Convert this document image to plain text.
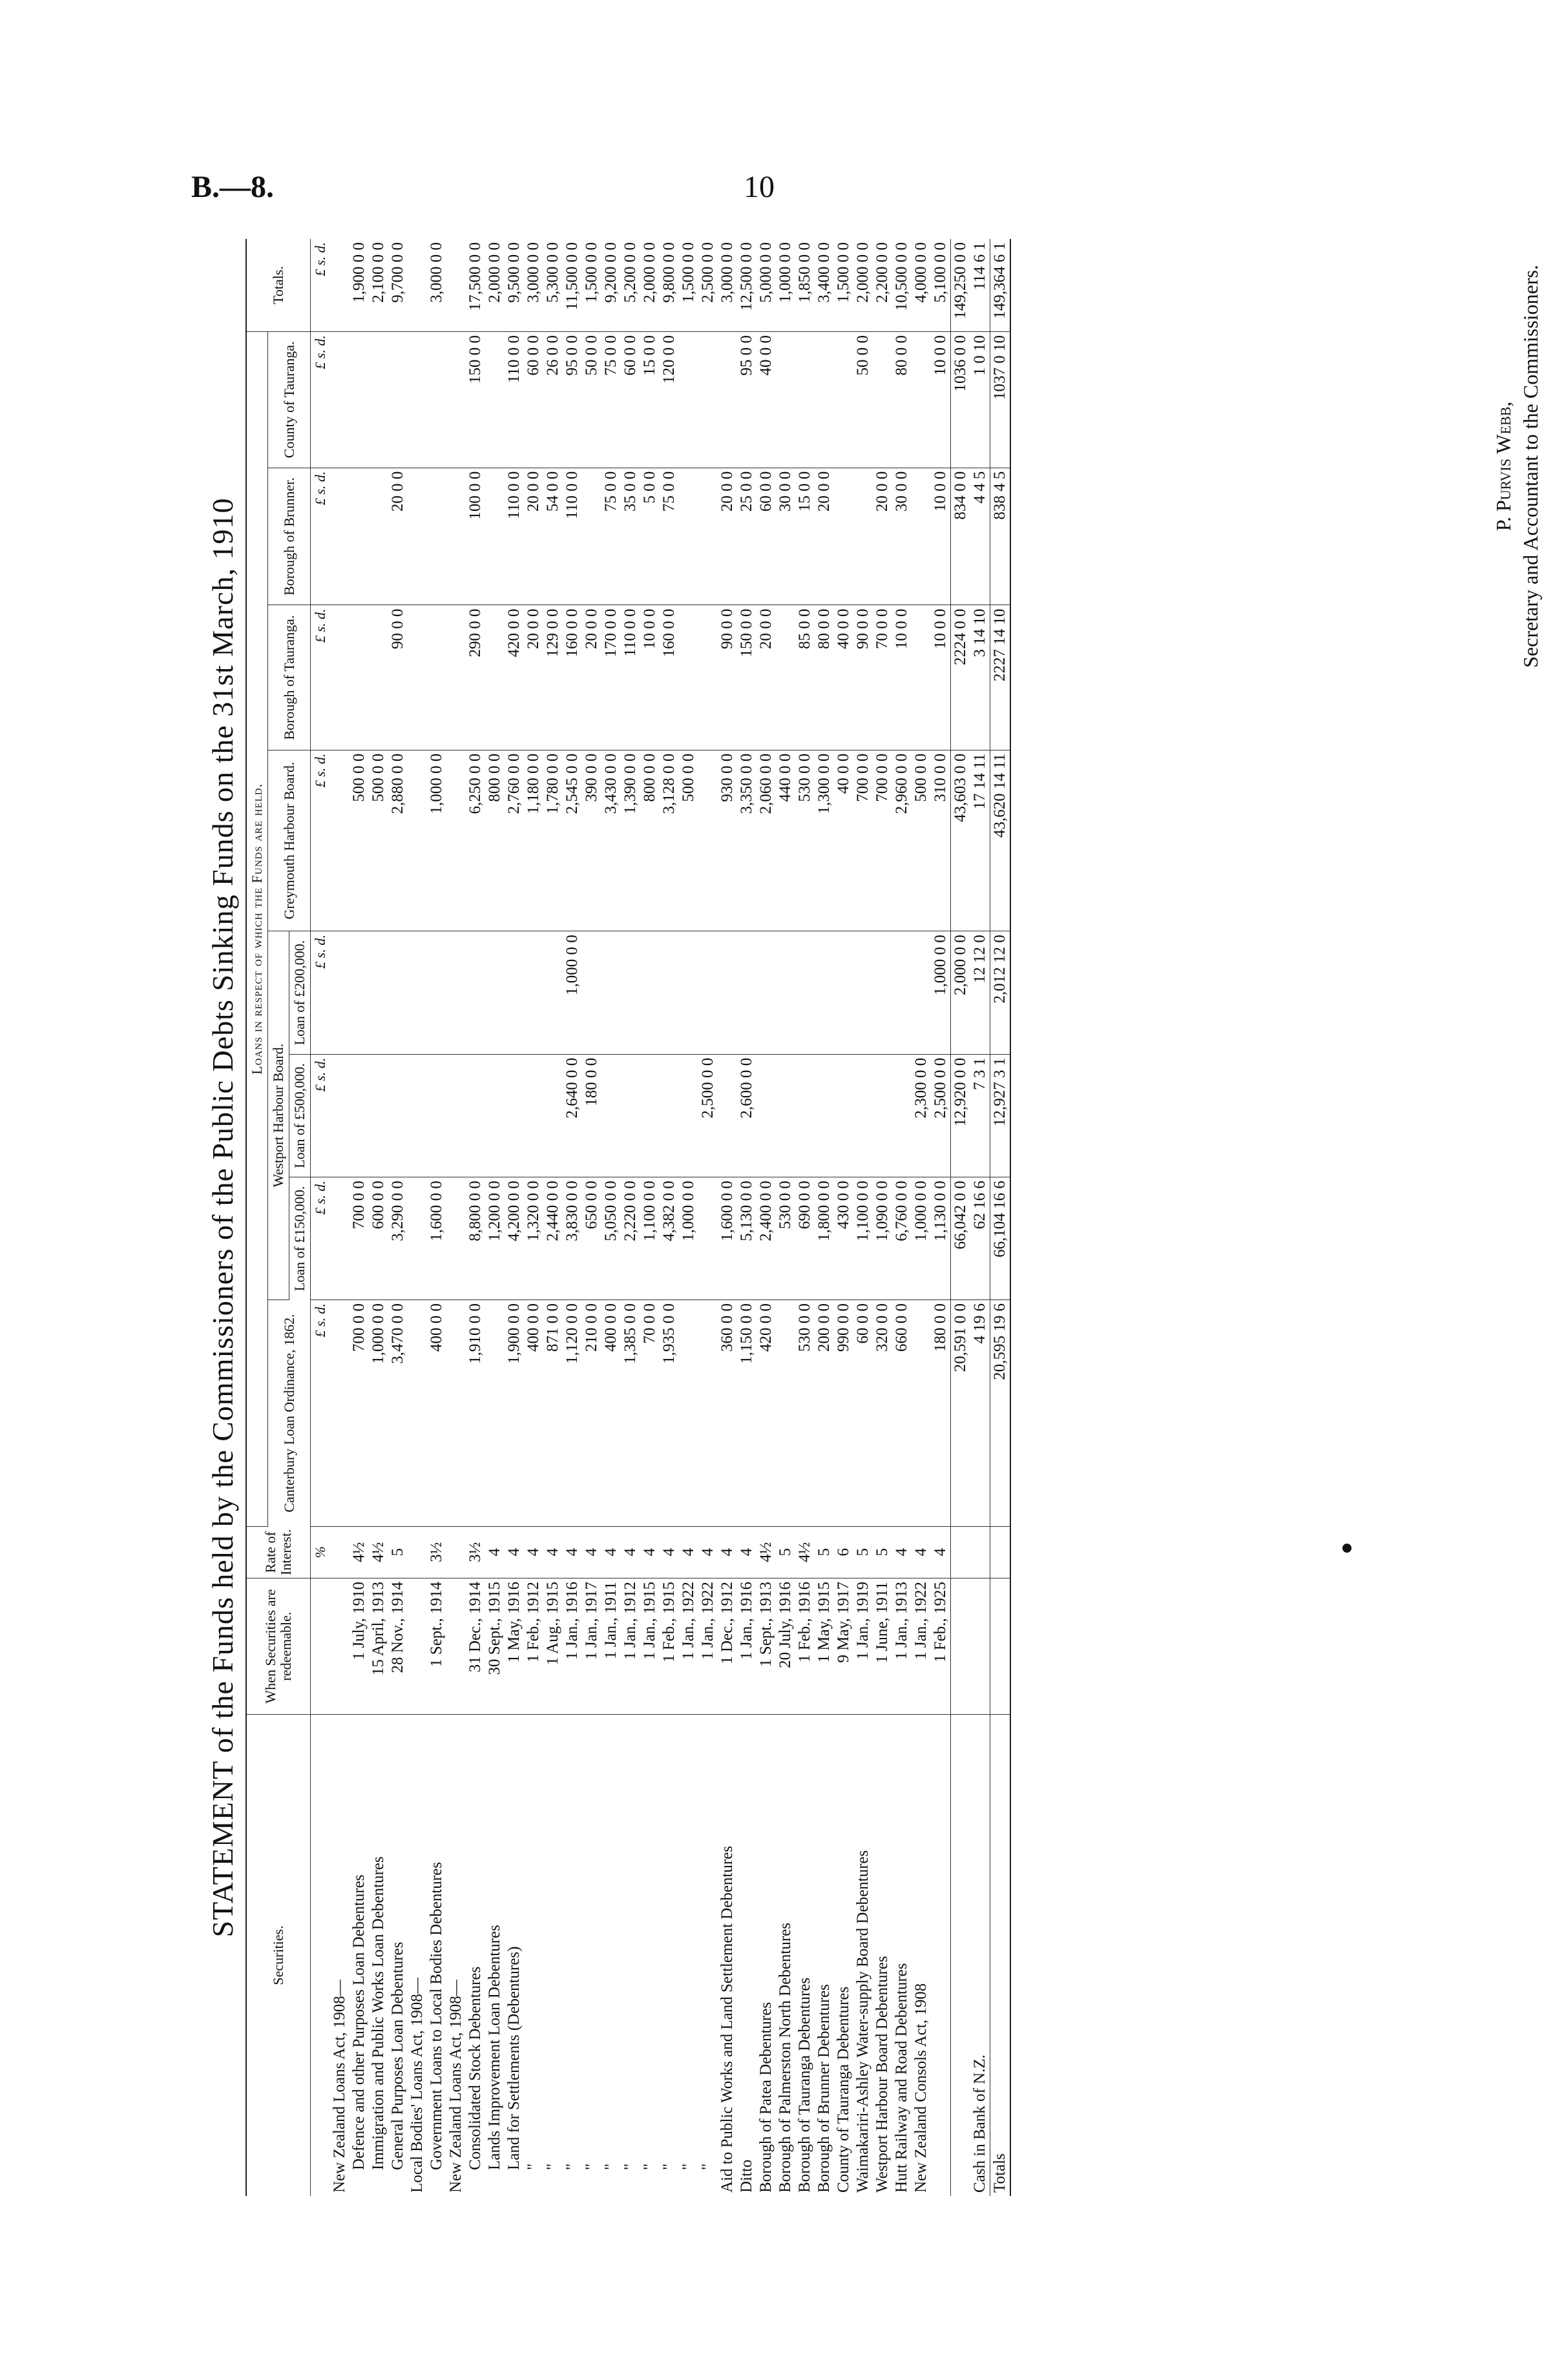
B.—8.	10
STATEMENT of the Funds held by the Commissioners of the Public Debts Sinking Funds on the 31st March, 1910
Securities.	When Securities are redeemable.	Rate of Interest.	Loans in respect of which the Funds are held.								Totals.
			Canterbury Loan Ordinance, 1862.	Westport Harbour Board.			Greymouth Harbour Board.	Borough of Tauranga.	Borough of Brunner.	County of Tauranga.	
				Loan of £150,000.	Loan of £500,000.	Loan of £200,000.					
		%	£ s. d.	£ s. d.	£ s. d.	£ s. d.	£ s. d.	£ s. d.	£ s. d.	£ s. d.	£ s. d.
New Zealand Loans Act, 1908—											
Defence and other Purposes Loan Debentures	1 July, 1910	4½	700 0 0	700 0 0			500 0 0				1,900 0 0
Immigration and Public Works Loan Debentures	15 April, 1913	4½	1,000 0 0	600 0 0			500 0 0				2,100 0 0
General Purposes Loan Debentures	28 Nov., 1914	5	3,470 0 0	3,290 0 0			2,880 0 0	90 0 0	20 0 0		9,700 0 0
Local Bodies' Loans Act, 1908—											
Government Loans to Local Bodies Debentures	1 Sept., 1914	3½	400 0 0	1,600 0 0			1,000 0 0				3,000 0 0
New Zealand Loans Act, 1908—											
Consolidated Stock Debentures	31 Dec., 1914	3½	1,910 0 0	8,800 0 0			6,250 0 0	290 0 0	100 0 0	150 0 0	17,500 0 0
Lands Improvement Loan Debentures	30 Sept., 1915	4		1,200 0 0			800 0 0				2,000 0 0
Land for Settlements (Debentures)	1 May, 1916	4	1,900 0 0	4,200 0 0			2,760 0 0	420 0 0	110 0 0	110 0 0	9,500 0 0
"	1 Feb., 1912	4	400 0 0	1,320 0 0			1,180 0 0	20 0 0	20 0 0	60 0 0	3,000 0 0
"	1 Aug., 1915	4	871 0 0	2,440 0 0			1,780 0 0	129 0 0	54 0 0	26 0 0	5,300 0 0
"	1 Jan., 1916	4	1,120 0 0	3,830 0 0	2,640 0 0	1,000 0 0	2,545 0 0	160 0 0	110 0 0	95 0 0	11,500 0 0
"	1 Jan., 1917	4	210 0 0	650 0 0	180 0 0		390 0 0	20 0 0		50 0 0	1,500 0 0
"	1 Jan., 1911	4	400 0 0	5,050 0 0			3,430 0 0	170 0 0	75 0 0	75 0 0	9,200 0 0
"	1 Jan., 1912	4	1,385 0 0	2,220 0 0			1,390 0 0	110 0 0	35 0 0	60 0 0	5,200 0 0
"	1 Jan., 1915	4	70 0 0	1,100 0 0			800 0 0	10 0 0	5 0 0	15 0 0	2,000 0 0
"	1 Feb., 1915	4	1,935 0 0	4,382 0 0			3,128 0 0	160 0 0	75 0 0	120 0 0	9,800 0 0
"	1 Jan., 1922	4		1,000 0 0			500 0 0				1,500 0 0
"	1 Jan., 1922	4			2,500 0 0						2,500 0 0
Aid to Public Works and Land Settlement Debentures	1 Dec., 1912	4	360 0 0	1,600 0 0			930 0 0	90 0 0	20 0 0		3,000 0 0
Ditto	1 Jan., 1916	4	1,150 0 0	5,130 0 0	2,600 0 0		3,350 0 0	150 0 0	25 0 0	95 0 0	12,500 0 0
Borough of Patea Debentures	1 Sept., 1913	4½	420 0 0	2,400 0 0			2,060 0 0	20 0 0	60 0 0	40 0 0	5,000 0 0
Borough of Palmerston North Debentures	20 July, 1916	5		530 0 0			440 0 0		30 0 0		1,000 0 0
Borough of Tauranga Debentures	1 Feb., 1916	4½	530 0 0	690 0 0			530 0 0	85 0 0	15 0 0		1,850 0 0
Borough of Brunner Debentures	1 May, 1915	5	200 0 0	1,800 0 0			1,300 0 0	80 0 0	20 0 0		3,400 0 0
County of Tauranga Debentures	9 May, 1917	6	990 0 0	430 0 0			40 0 0	40 0 0			1,500 0 0
Waimakariri-Ashley Water-supply Board Debentures	1 Jan., 1919	5	60 0 0	1,100 0 0			700 0 0	90 0 0		50 0 0	2,000 0 0
Westport Harbour Board Debentures	1 June, 1911	5	320 0 0	1,090 0 0			700 0 0	70 0 0	20 0 0		2,200 0 0
Hutt Railway and Road Debentures	1 Jan., 1913	4	660 0 0	6,760 0 0			2,960 0 0	10 0 0	30 0 0	80 0 0	10,500 0 0
New Zealand Consols Act, 1908	1 Jan., 1922	4		1,000 0 0	2,300 0 0		500 0 0				4,000 0 0
	1 Feb., 1925	4	180 0 0	1,130 0 0	2,500 0 0	1,000 0 0	310 0 0	10 0 0	10 0 0	10 0 0	5,100 0 0
			20,591 0 0	66,042 0 0	12,920 0 0	2,000 0 0	43,603 0 0	2224 0 0	834 0 0	1036 0 0	149,250 0 0
Cash in Bank of N.Z.			4 19 6	62 16 6	7 3 1	12 12 0	17 14 11	3 14 10	4 4 5	1 0 10	114 6 1
Totals			20,595 19 6	66,104 16 6	12,927 3 1	2,012 12 0	43,620 14 11	2227 14 10	838 4 5	1037 0 10	149,364 6 1
P. Purvis Webb, Secretary and Accountant to the Commissioners.
